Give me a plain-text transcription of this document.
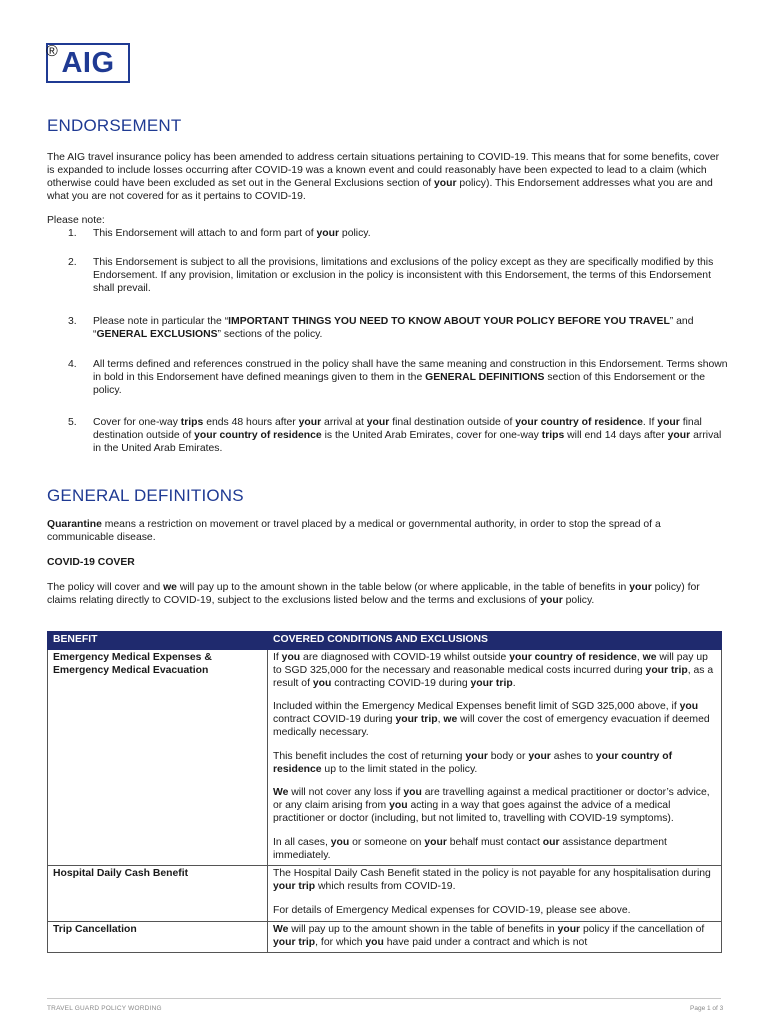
AIG
®
ENDORSEMENT
The AIG travel insurance policy has been amended to address certain situations pertaining to COVID-19. This means that for some benefits, cover is expanded to include losses occurring after COVID-19 was a known event and could reasonably have been expected to lead to a claim (which otherwise could have been excluded as set out in the General Exclusions section of your policy). This Endorsement addresses what you are and what you are not covered for as it pertains to COVID-19.
Please note:
1. This Endorsement will attach to and form part of your policy.
2. This Endorsement is subject to all the provisions, limitations and exclusions of the policy except as they are specifically modified by this Endorsement. If any provision, limitation or exclusion in the policy is inconsistent with this Endorsement, the terms of this Endorsement shall prevail.
3. Please note in particular the “IMPORTANT THINGS YOU NEED TO KNOW ABOUT YOUR POLICY BEFORE YOU TRAVEL” and “GENERAL EXCLUSIONS” sections of the policy.
4. All terms defined and references construed in the policy shall have the same meaning and construction in this Endorsement. Terms shown in bold in this Endorsement have defined meanings given to them in the GENERAL DEFINITIONS section of this Endorsement or the policy.
5. Cover for one-way trips ends 48 hours after your arrival at your final destination outside of your country of residence. If your final destination outside of your country of residence is the United Arab Emirates, cover for one-way trips will end 14 days after your arrival in the United Arab Emirates.
GENERAL DEFINITIONS
Quarantine means a restriction on movement or travel placed by a medical or governmental authority, in order to stop the spread of a communicable disease.
COVID-19 COVER
The policy will cover and we will pay up to the amount shown in the table below (or where applicable, in the table of benefits in your policy) for claims relating directly to COVID-19, subject to the exclusions listed below and the terms and exclusions of your policy.
BENEFIT	COVERED CONDITIONS AND EXCLUSIONS
Emergency Medical Expenses & Emergency Medical Evacuation	If you are diagnosed with COVID-19 whilst outside your country of residence, we will pay up to SGD 325,000 for the necessary and reasonable medical costs incurred during your trip, as a result of you contracting COVID-19 during your trip.

Included within the Emergency Medical Expenses benefit limit of SGD 325,000 above, if you contract COVID-19 during your trip, we will cover the cost of emergency evacuation if deemed medically necessary.

This benefit includes the cost of returning your body or your ashes to your country of residence up to the limit stated in the policy.

We will not cover any loss if you are travelling against a medical practitioner or doctor’s advice, or any claim arising from you acting in a way that goes against the advice of a medical practitioner or doctor (including, but not limited to, travelling with COVID-19 symptoms).

In all cases, you or someone on your behalf must contact our assistance department immediately.

Hospital Daily Cash Benefit	The Hospital Daily Cash Benefit stated in the policy is not payable for any hospitalisation during your trip which results from COVID-19.

For details of Emergency Medical expenses for COVID-19, please see above.

Trip Cancellation	We will pay up to the amount shown in the table of benefits in your policy if the cancellation of your trip, for which you have paid under a contract and which is not

TRAVEL GUARD POLICY WORDING	Page 1 of 3
